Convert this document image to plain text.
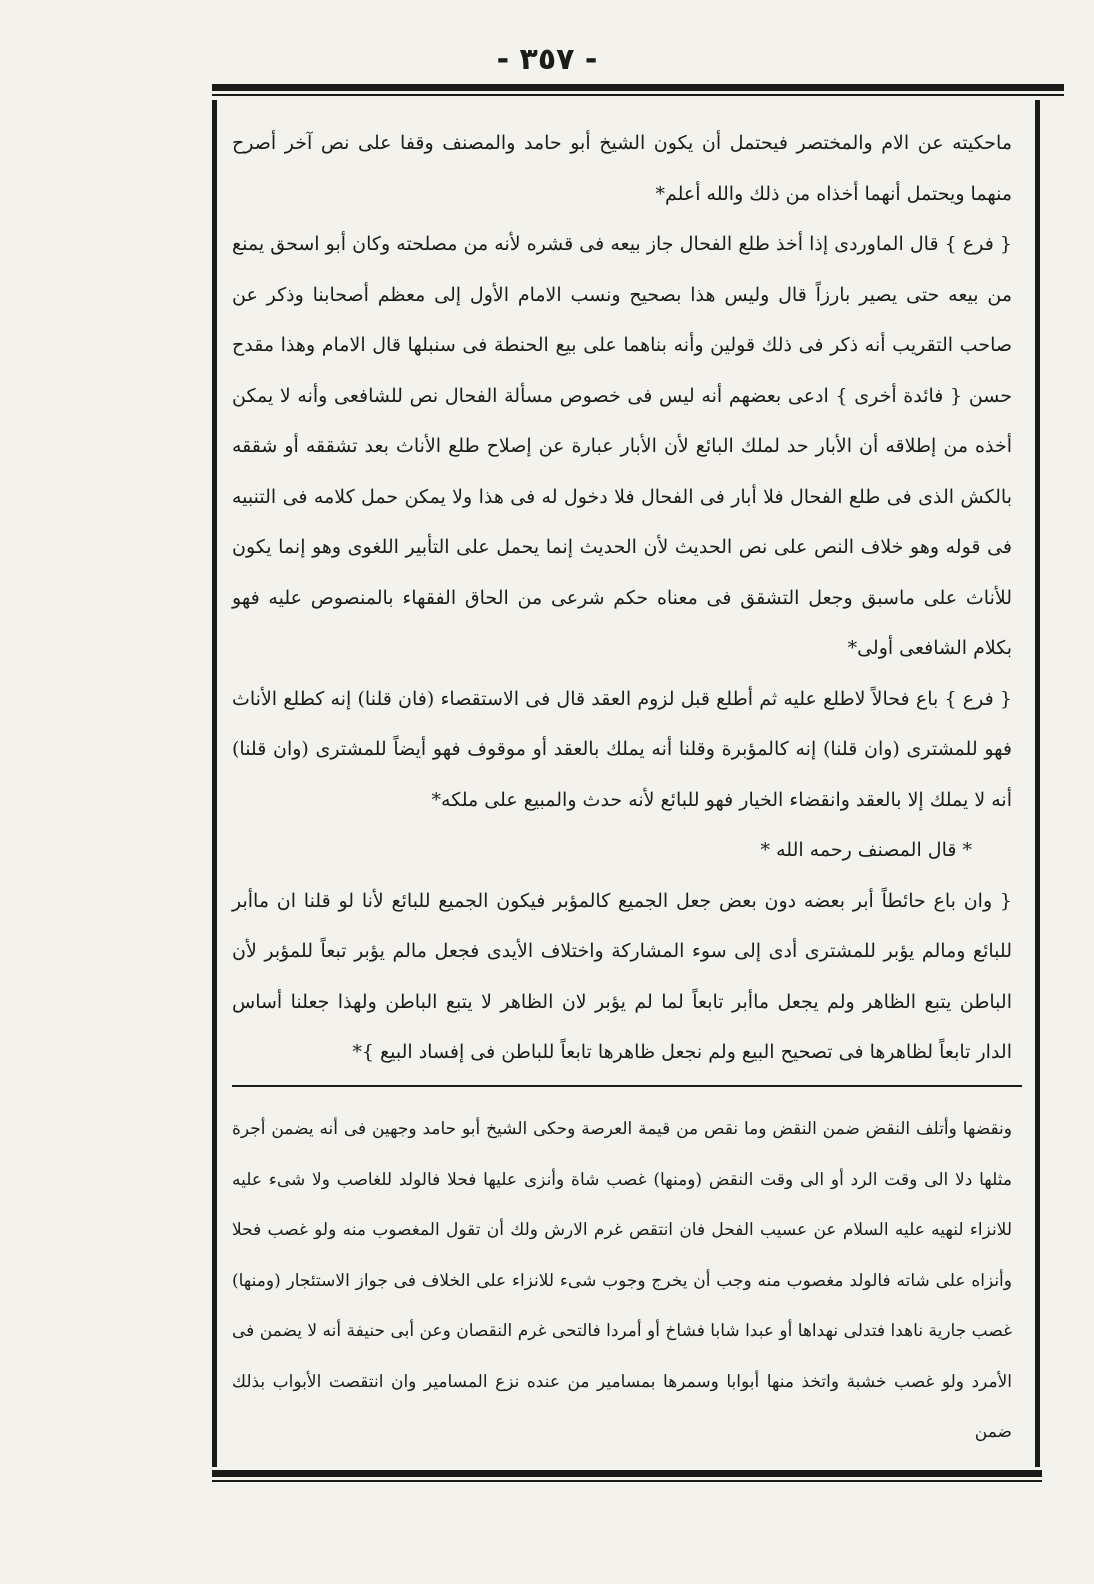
- ٣٥٧ -

ماحكيته عن الام والمختصر فيحتمل أن يكون الشيخ أبو حامد والمصنف وقفا على نص آخر أصرح منهما ويحتمل أنهما أخذاه من ذلك والله أعلم*

{ فرع } قال الماوردى إذا أخذ طلع الفحال جاز بيعه فى قشره لأنه من مصلحته وكان أبو اسحق يمنع من بيعه حتى يصير بارزاً قال وليس هذا بصحيح ونسب الامام الأول إلى معظم أصحابنا وذكر عن صاحب التقريب أنه ذكر فى ذلك قولين وأنه بناهما على بيع الحنطة فى سنبلها قال الامام وهذا مقدح حسن { فائدة أخرى } ادعى بعضهم أنه ليس فى خصوص مسألة الفحال نص للشافعى وأنه لا يمكن أخذه من إطلاقه أن الأبار حد لملك البائع لأن الأبار عبارة عن إصلاح طلع الأناث بعد تشققه أو شققه بالكش الذى فى طلع الفحال فلا أبار فى الفحال فلا دخول له فى هذا ولا يمكن حمل كلامه فى التنبيه فى قوله وهو خلاف النص على نص الحديث لأن الحديث إنما يحمل على التأبير اللغوى وهو إنما يكون للأناث على ماسبق وجعل التشقق فى معناه حكم شرعى من الحاق الفقهاء بالمنصوص عليه فهو بكلام الشافعى أولى*

{ فرع } باع فحالاً لاطلع عليه ثم أطلع قبل لزوم العقد قال فى الاستقصاء (فان قلنا) إنه كطلع الأناث فهو للمشترى (وان قلنا) إنه كالمؤبرة وقلنا أنه يملك بالعقد أو موقوف فهو أيضاً للمشترى (وان قلنا) أنه لا يملك إلا بالعقد وانقضاء الخيار فهو للبائع لأنه حدث والمبيع على ملكه*

* قال المصنف رحمه الله *

{ وان باع حائطاً أبر بعضه دون بعض جعل الجميع كالمؤبر فيكون الجميع للبائع لأنا لو قلنا ان ماأبر للبائع ومالم يؤبر للمشترى أدى إلى سوء المشاركة واختلاف الأيدى فجعل مالم يؤبر تبعاً للمؤبر لأن الباطن يتبع الظاهر ولم يجعل ماأبر تابعاً لما لم يؤبر لان الظاهر لا يتبع الباطن ولهذا جعلنا أساس الدار تابعاً لظاهرها فى تصحيح البيع ولم نجعل ظاهرها تابعاً للباطن فى إفساد البيع }*

ونقضها وأتلف النقض ضمن النقض وما نقص من قيمة العرصة وحكى الشيخ أبو حامد وجهين فى أنه يضمن أجرة مثلها دلا الى وقت الرد أو الى وقت النقض (ومنها) غصب شاة وأنزى عليها فحلا فالولد للغاصب ولا شىء عليه للانزاء لنهيه عليه السلام عن عسيب الفحل فان انتقص غرم الارش ولك أن تقول المغصوب منه ولو غصب فحلا وأنزاه على شاته فالولد مغصوب منه وجب أن يخرج وجوب شىء للانزاء على الخلاف فى جواز الاستئجار (ومنها) غصب جارية ناهدا فتدلى نهداها أو عبدا شابا فشاخ أو أمردا فالتحى غرم النقصان وعن أبى حنيفة أنه لا يضمن فى الأمرد ولو غصب خشبة واتخذ منها أبوابا وسمرها بمسامير من عنده نزع المسامير وان انتقصت الأبواب بذلك ضمن
